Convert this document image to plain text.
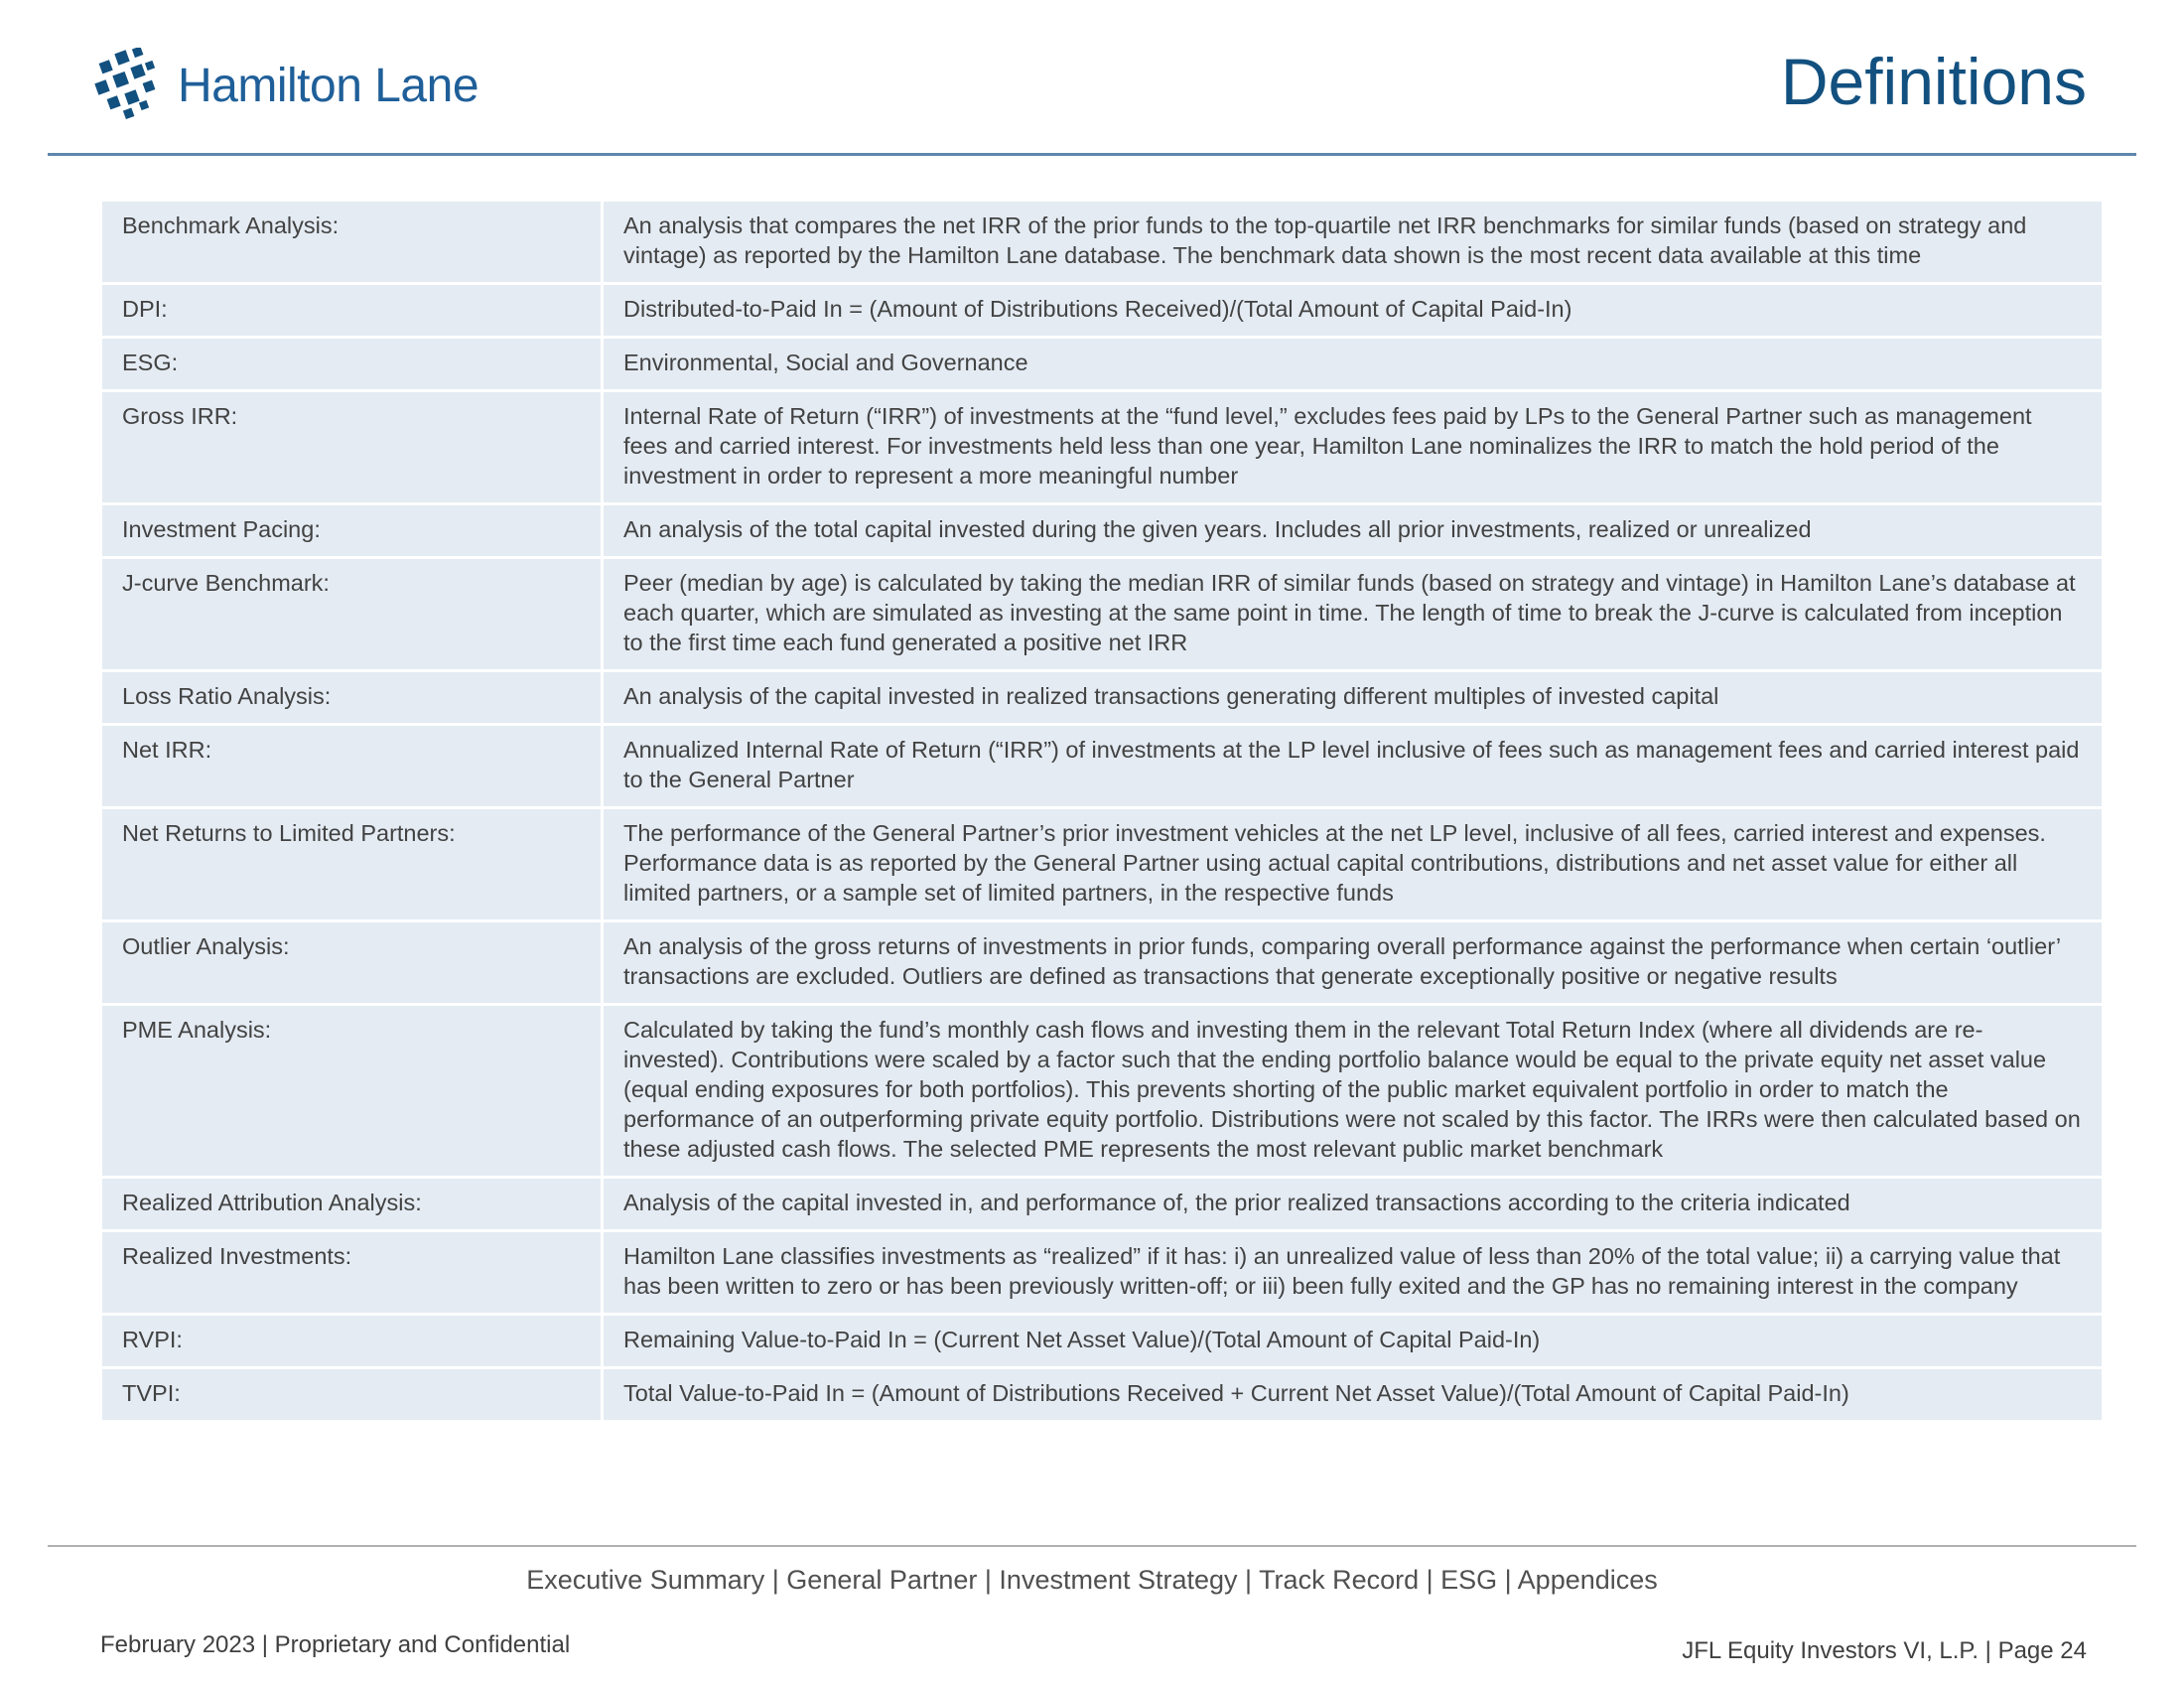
Hamilton Lane	Definitions
Benchmark Analysis:	An analysis that compares the net IRR of the prior funds to the top-quartile net IRR benchmarks for similar funds (based on strategy and vintage) as reported by the Hamilton Lane database. The benchmark data shown is the most recent data available at this time
DPI:	Distributed-to-Paid In = (Amount of Distributions Received)/(Total Amount of Capital Paid-In)
ESG:	Environmental, Social and Governance
Gross IRR:	Internal Rate of Return (“IRR”) of investments at the “fund level,” excludes fees paid by LPs to the General Partner such as management fees and carried interest. For investments held less than one year, Hamilton Lane nominalizes the IRR to match the hold period of the investment in order to represent a more meaningful number
Investment Pacing:	An analysis of the total capital invested during the given years. Includes all prior investments, realized or unrealized
J-curve Benchmark:	Peer (median by age) is calculated by taking the median IRR of similar funds (based on strategy and vintage) in Hamilton Lane’s database at each quarter, which are simulated as investing at the same point in time. The length of time to break the J-curve is calculated from inception to the first time each fund generated a positive net IRR
Loss Ratio Analysis:	An analysis of the capital invested in realized transactions generating different multiples of invested capital
Net IRR:	Annualized Internal Rate of Return (“IRR”) of investments at the LP level inclusive of fees such as management fees and carried interest paid to the General Partner
Net Returns to Limited Partners:	The performance of the General Partner’s prior investment vehicles at the net LP level, inclusive of all fees, carried interest and expenses. Performance data is as reported by the General Partner using actual capital contributions, distributions and net asset value for either all limited partners, or a sample set of limited partners, in the respective funds
Outlier Analysis:	An analysis of the gross returns of investments in prior funds, comparing overall performance against the performance when certain ‘outlier’ transactions are excluded. Outliers are defined as transactions that generate exceptionally positive or negative results
PME Analysis:	Calculated by taking the fund’s monthly cash flows and investing them in the relevant Total Return Index (where all dividends are re-invested). Contributions were scaled by a factor such that the ending portfolio balance would be equal to the private equity net asset value (equal ending exposures for both portfolios). This prevents shorting of the public market equivalent portfolio in order to match the performance of an outperforming private equity portfolio. Distributions were not scaled by this factor. The IRRs were then calculated based on these adjusted cash flows. The selected PME represents the most relevant public market benchmark
Realized Attribution Analysis:	Analysis of the capital invested in, and performance of, the prior realized transactions according to the criteria indicated
Realized Investments:	Hamilton Lane classifies investments as “realized” if it has: i) an unrealized value of less than 20% of the total value; ii) a carrying value that has been written to zero or has been previously written-off; or iii) been fully exited and the GP has no remaining interest in the company
RVPI:	Remaining Value-to-Paid In = (Current Net Asset Value)/(Total Amount of Capital Paid-In)
TVPI:	Total Value-to-Paid In = (Amount of Distributions Received + Current Net Asset Value)/(Total Amount of Capital Paid-In)
Executive Summary | General Partner | Investment Strategy | Track Record | ESG | Appendices
February 2023 | Proprietary and Confidential	JFL Equity Investors VI, L.P. | Page 24
